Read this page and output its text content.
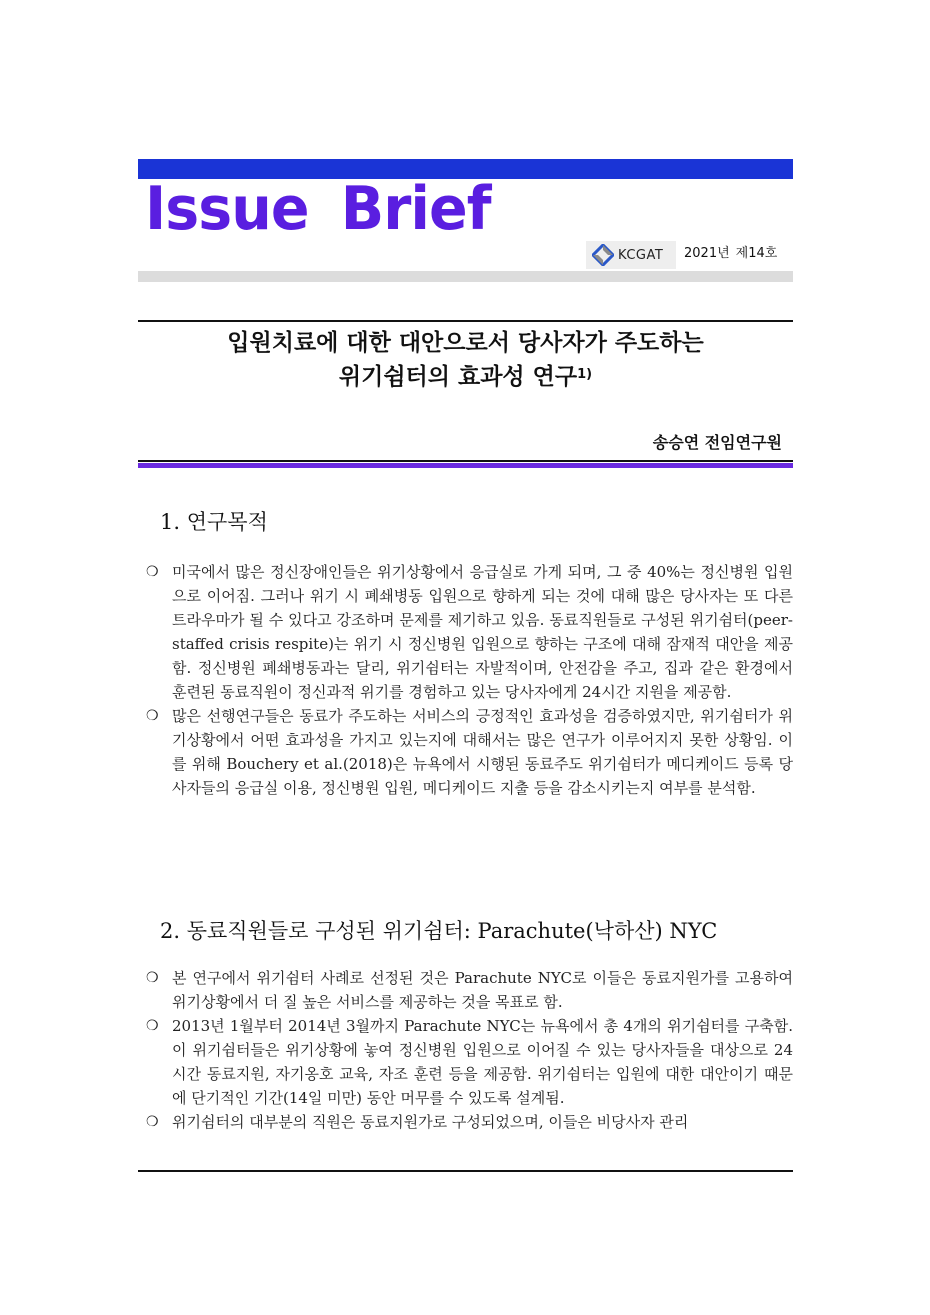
Issue Brief
KCGAT 2021년 제14호
입원치료에 대한 대안으로서 당사자가 주도하는
위기쉼터의 효과성 연구$^{1)}$
송승연 전임연구원
1. 연구목적
❍ 미국에서 많은 정신장애인들은 위기상황에서 응급실로 가게 되며, 그 중 40%는 정신병원 입원으로 이어짐. 그러나 위기 시 폐쇄병동 입원으로 향하게 되는 것에 대해 많은 당사자는 또 다른 트라우마가 될 수 있다고 강조하며 문제를 제기하고 있음. 동료직원들로 구성된 위기쉼터(peer-staffed crisis respite)는 위기 시 정신병원 입원으로 향하는 구조에 대해 잠재적 대안을 제공함. 정신병원 폐쇄병동과는 달리, 위기쉼터는 자발적이며, 안전감을 주고, 집과 같은 환경에서 훈련된 동료직원이 정신과적 위기를 경험하고 있는 당사자에게 24시간 지원을 제공함.
❍ 많은 선행연구들은 동료가 주도하는 서비스의 긍정적인 효과성을 검증하였지만, 위기쉼터가 위기상황에서 어떤 효과성을 가지고 있는지에 대해서는 많은 연구가 이루어지지 못한 상황임. 이를 위해 Bouchery et al.(2018)은 뉴욕에서 시행된 동료주도 위기쉼터가 메디케이드 등록 당사자들의 응급실 이용, 정신병원 입원, 메디케이드 지출 등을 감소시키는지 여부를 분석함.
2. 동료직원들로 구성된 위기쉼터: Parachute(낙하산) NYC
❍ 본 연구에서 위기쉼터 사례로 선정된 것은 Parachute NYC로 이들은 동료지원가를 고용하여 위기상황에서 더 질 높은 서비스를 제공하는 것을 목표로 함.
❍ 2013년 1월부터 2014년 3월까지 Parachute NYC는 뉴욕에서 총 4개의 위기쉼터를 구축함. 이 위기쉼터들은 위기상황에 놓여 정신병원 입원으로 이어질 수 있는 당사자들을 대상으로 24시간 동료지원, 자기옹호 교육, 자조 훈련 등을 제공함. 위기쉼터는 입원에 대한 대안이기 때문에 단기적인 기간(14일 미만) 동안 머무를 수 있도록 설계됨.
❍ 위기쉼터의 대부분의 직원은 동료지원가로 구성되었으며, 이들은 비당사자 관리
